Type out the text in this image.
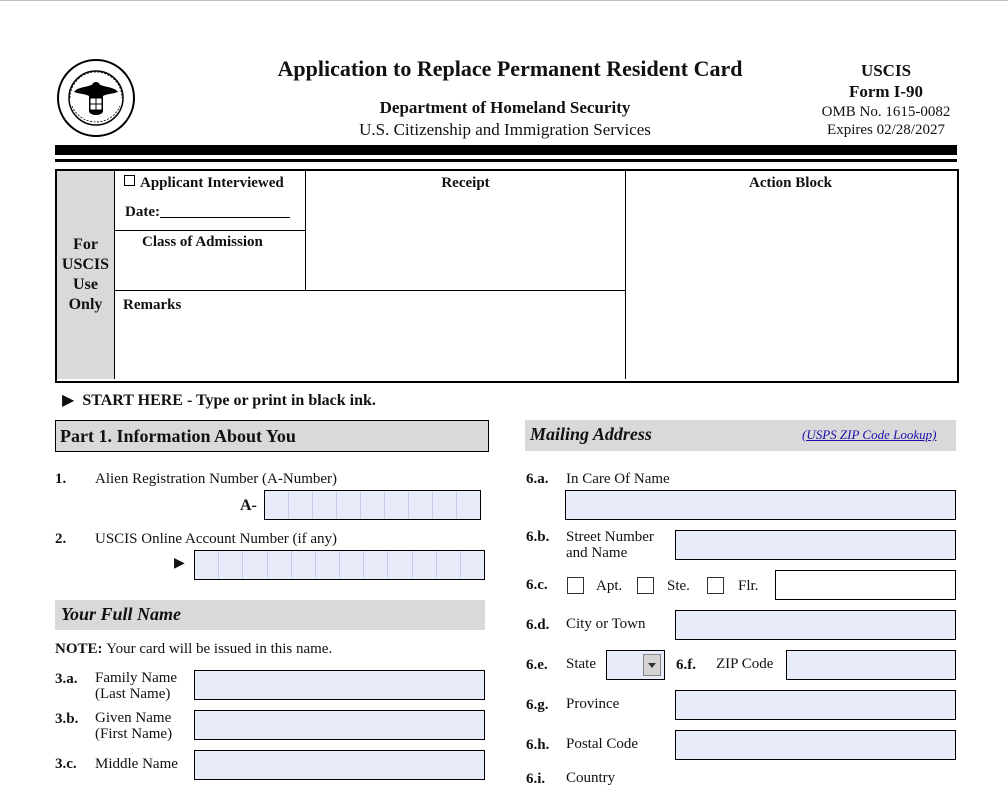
Application to Replace Permanent Resident Card
Department of Homeland Security
U.S. Citizenship and Immigration Services
USCIS
Form I-90
OMB No. 1615-0082
Expires 02/28/2027
For
USCIS
Use
Only
Applicant Interviewed
Date:
Class of Admission
Receipt	Action Block
Remarks
▶ START HERE - Type or print in black ink.
Part 1. Information About You
1. Alien Registration Number (A-Number)
A-
2. USCIS Online Account Number (if any)
▶
Your Full Name
NOTE: Your card will be issued in this name.
3.a. Family Name
(Last Name)
3.b. Given Name
(First Name)
3.c. Middle Name
Mailing Address	(USPS ZIP Code Lookup)
6.a. In Care Of Name
6.b. Street Number
and Name
6.c.	Apt.	Ste.	Flr.
6.d. City or Town
6.e. State	6.f. ZIP Code
6.g. Province
6.h. Postal Code
6.i. Country
